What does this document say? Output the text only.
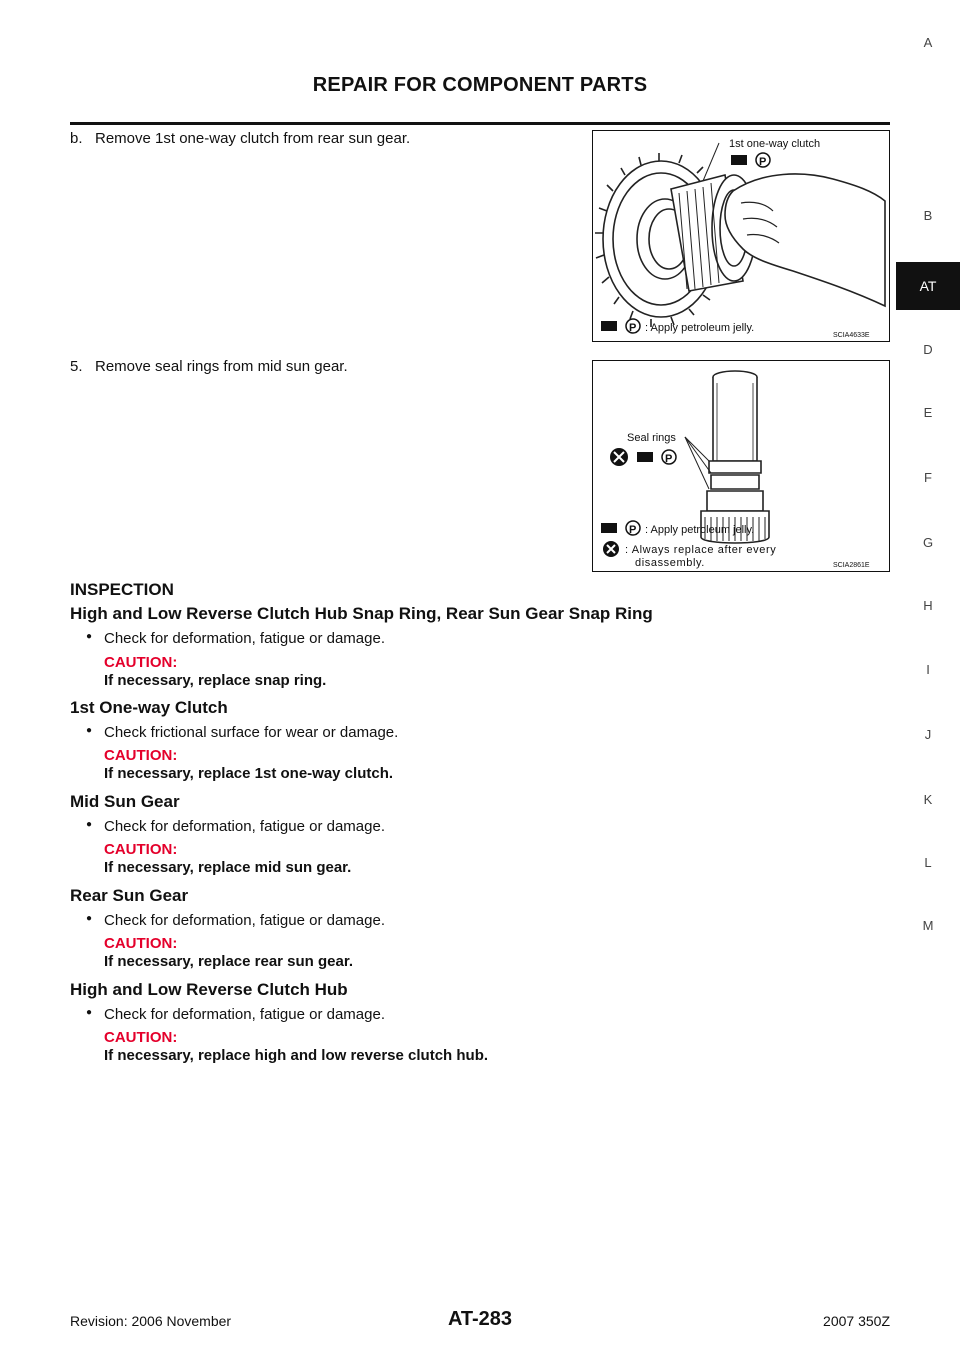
REPAIR FOR COMPONENT PARTS
b.   Remove 1st one-way clutch from rear sun gear.	1st one-way clutch
P
P : Apply petroleum jelly.
SCIA4633E
5.   Remove seal rings from mid sun gear.
Seal rings
P
P : Apply petroleum jelly.
: Always replace after every
disassembly.	SCIA2861E
INSPECTION
High and Low Reverse Clutch Hub Snap Ring, Rear Sun Gear Snap Ring
● Check for deformation, fatigue or damage.
CAUTION:
If necessary, replace snap ring.
1st One-way Clutch
● Check frictional surface for wear or damage.
CAUTION:
If necessary, replace 1st one-way clutch.
Mid Sun Gear
● Check for deformation, fatigue or damage.
CAUTION:
If necessary, replace mid sun gear.
Rear Sun Gear
● Check for deformation, fatigue or damage.
CAUTION:
If necessary, replace rear sun gear.
High and Low Reverse Clutch Hub
● Check for deformation, fatigue or damage.
CAUTION:
If necessary, replace high and low reverse clutch hub.
A
B
AT
D
E
F
G
H
I
J
K
L
M
Revision: 2006 November	AT-283	2007 350Z
